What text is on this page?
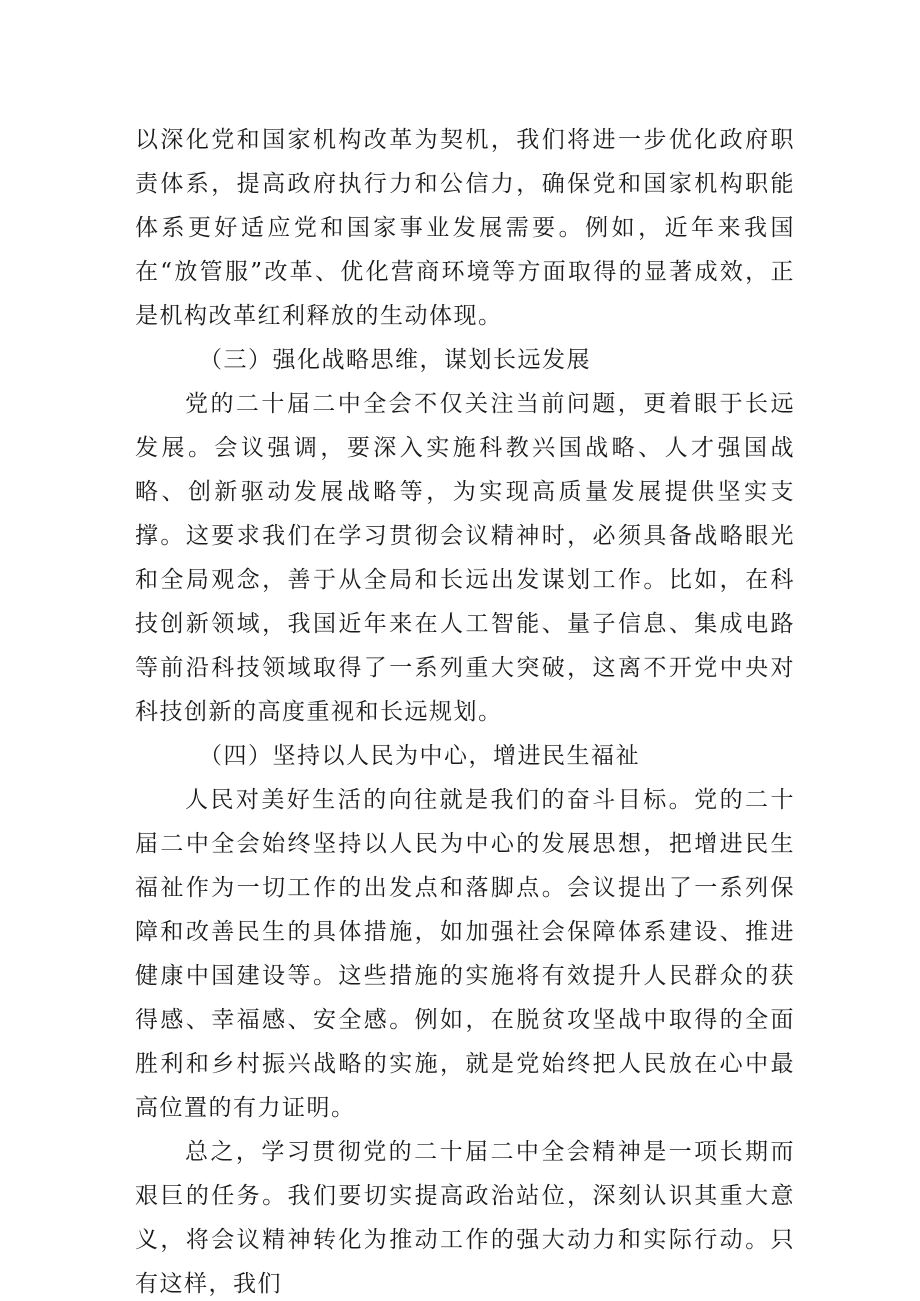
以深化党和国家机构改革为契机，我们将进一步优化政府职责体系，提高政府执行力和公信力，确保党和国家机构职能体系更好适应党和国家事业发展需要。例如，近年来我国在“放管服”改革、优化营商环境等方面取得的显著成效，正是机构改革红利释放的生动体现。

（三）强化战略思维，谋划长远发展

党的二十届二中全会不仅关注当前问题，更着眼于长远发展。会议强调，要深入实施科教兴国战略、人才强国战略、创新驱动发展战略等，为实现高质量发展提供坚实支撑。这要求我们在学习贯彻会议精神时，必须具备战略眼光和全局观念，善于从全局和长远出发谋划工作。比如，在科技创新领域，我国近年来在人工智能、量子信息、集成电路等前沿科技领域取得了一系列重大突破，这离不开党中央对科技创新的高度重视和长远规划。

（四）坚持以人民为中心，增进民生福祉

人民对美好生活的向往就是我们的奋斗目标。党的二十届二中全会始终坚持以人民为中心的发展思想，把增进民生福祉作为一切工作的出发点和落脚点。会议提出了一系列保障和改善民生的具体措施，如加强社会保障体系建设、推进健康中国建设等。这些措施的实施将有效提升人民群众的获得感、幸福感、安全感。例如，在脱贫攻坚战中取得的全面胜利和乡村振兴战略的实施，就是党始终把人民放在心中最高位置的有力证明。

总之，学习贯彻党的二十届二中全会精神是一项长期而艰巨的任务。我们要切实提高政治站位，深刻认识其重大意义，将会议精神转化为推动工作的强大动力和实际行动。只有这样，我们
